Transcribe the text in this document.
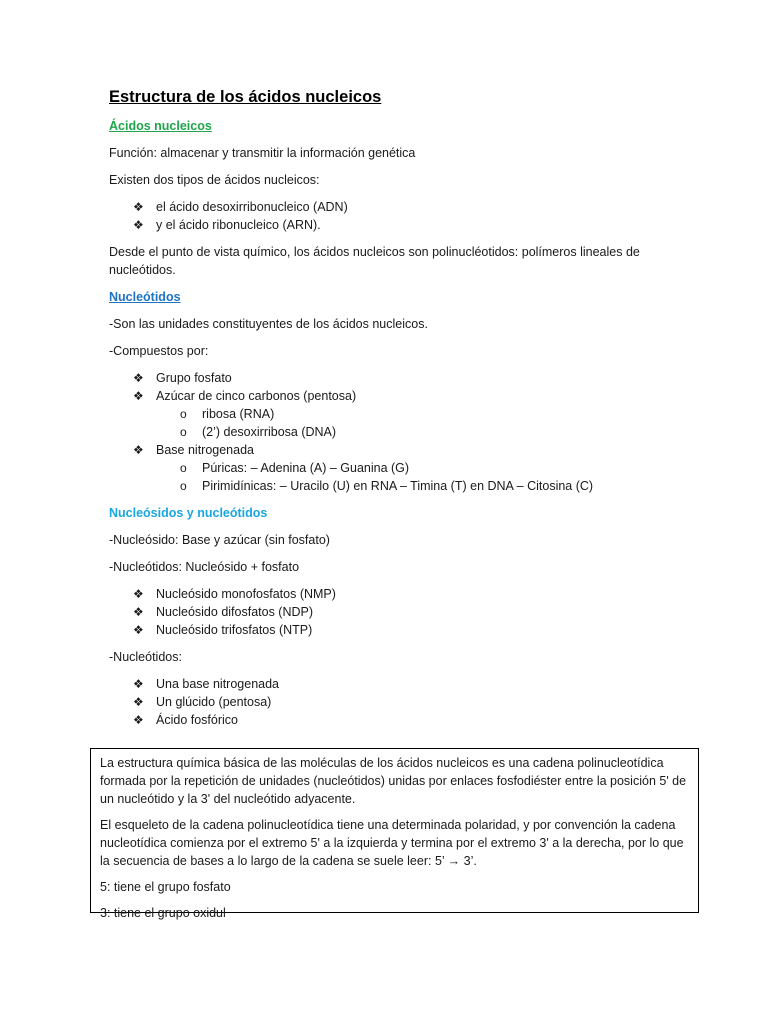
Estructura de los ácidos nucleicos

Ácidos nucleicos

Función: almacenar y transmitir la información genética

Existen dos tipos de ácidos nucleicos:

❖ el ácido desoxirribonucleico (ADN)
❖ y el ácido ribonucleico (ARN).

Desde el punto de vista químico, los ácidos nucleicos son polinucléotidos: polímeros lineales de nucleótidos.

Nucleótidos

-Son las unidades constituyentes de los ácidos nucleicos.

-Compuestos por:

❖ Grupo fosfato
❖ Azúcar de cinco carbonos (pentosa)
o ribosa (RNA)
o (2’) desoxirribosa (DNA)
❖ Base nitrogenada
o Púricas: – Adenina (A) – Guanina (G)
o Pirimidínicas: – Uracilo (U) en RNA – Timina (T) en DNA – Citosina (C)

Nucleósidos y nucleótidos

-Nucleósido: Base y azúcar (sin fosfato)

-Nucleótidos: Nucleósido + fosfato

❖ Nucleósido monofosfatos (NMP)
❖ Nucleósido difosfatos (NDP)
❖ Nucleósido trifosfatos (NTP)

-Nucleótidos:

❖ Una base nitrogenada
❖ Un glúcido (pentosa)
❖ Ácido fosfórico

La estructura química básica de las moléculas de los ácidos nucleicos es una cadena polinucleotídica formada por la repetición de unidades (nucleótidos) unidas por enlaces fosfodiéster entre la posición 5' de un nucleótido y la 3' del nucleótido adyacente.

El esqueleto de la cadena polinucleotídica tiene una determinada polaridad, y por convención la cadena nucleotídica comienza por el extremo 5' a la izquierda y termina por el extremo 3' a la derecha, por lo que la secuencia de bases a lo largo de la cadena se suele leer: 5’ → 3’.

5: tiene el grupo fosfato

3: tiene el grupo oxidul
